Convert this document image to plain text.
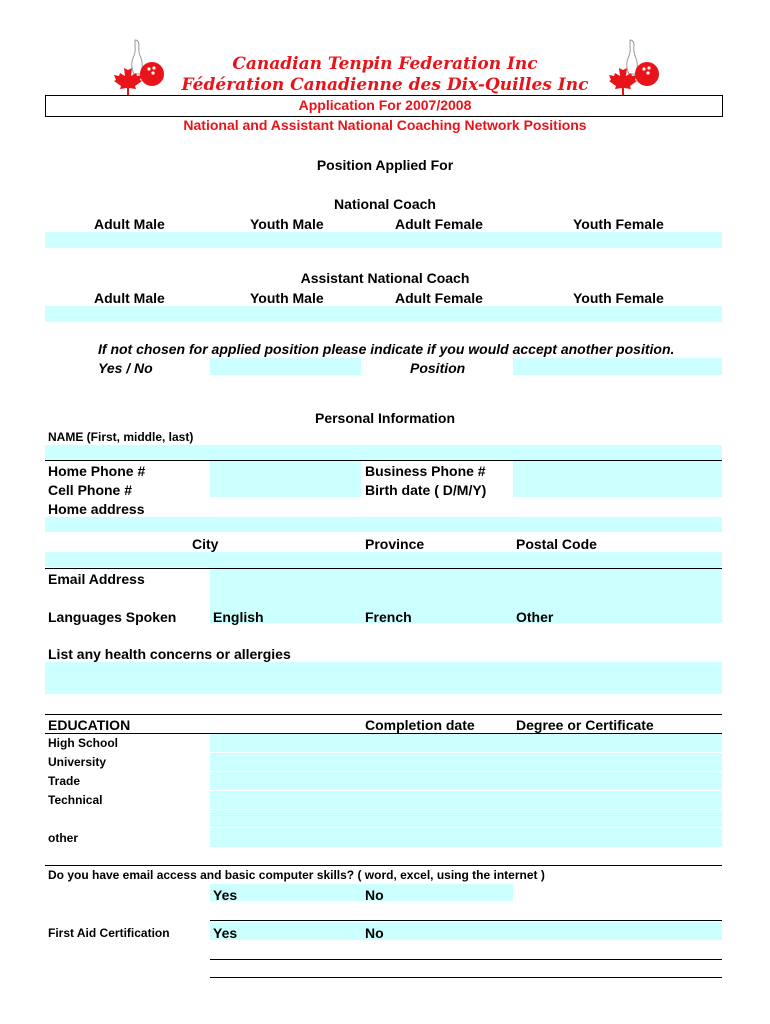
Canadian Tenpin Federation Inc
Fédération Canadienne des Dix-Quilles Inc
Application For 2007/2008
National and Assistant National Coaching Network Positions
Position Applied For
National Coach
Adult Male	Youth Male	Adult Female	Youth Female
Assistant National Coach
Adult Male	Youth Male	Adult Female	Youth Female
If not chosen for applied position please indicate if you would accept another position.
Yes / No	Position
Personal Information
NAME (First, middle, last)
Home Phone #	Business Phone #
Cell Phone #	Birth date ( D/M/Y)
Home address
City	Province	Postal Code
Email Address
Languages Spoken	English	French	Other
List any health concerns or allergies
EDUCATION	Completion date	Degree or Certificate
High School
University
Trade
Technical
other
Do you have email access and basic computer skills? ( word, excel, using the internet )
Yes	No
First Aid Certification	Yes	No
